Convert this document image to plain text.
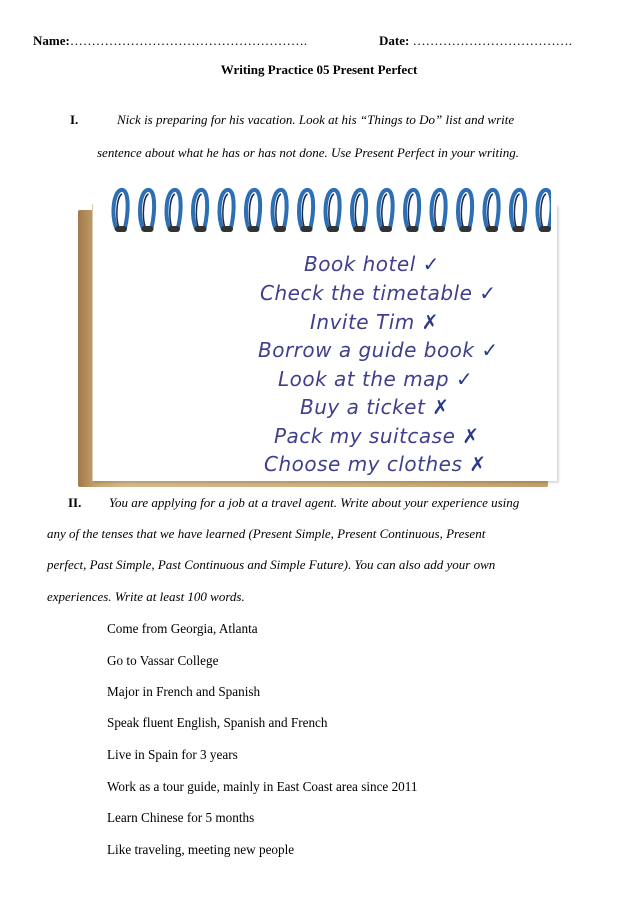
Name:……………………………………………….	Date: ……………………………….
Writing Practice 05 Present Perfect
I.	Nick is preparing for his vacation. Look at his “Things to Do” list and write
sentence about what he has or has not done. Use Present Perfect in your writing.
Book hotel ✓
Check the timetable ✓
Invite Tim ✗
Borrow a guide book ✓
Look at the map ✓
Buy a ticket ✗
Pack my suitcase ✗
Choose my clothes ✗
II. You are applying for a job at a travel agent. Write about your experience using
any of the tenses that we have learned (Present Simple, Present Continuous, Present
perfect, Past Simple, Past Continuous and Simple Future). You can also add your own
experiences. Write at least 100 words.
Come from Georgia, Atlanta
Go to Vassar College
Major in French and Spanish
Speak fluent English, Spanish and French
Live in Spain for 3 years
Work as a tour guide, mainly in East Coast area since 2011
Learn Chinese for 5 months
Like traveling, meeting new people
